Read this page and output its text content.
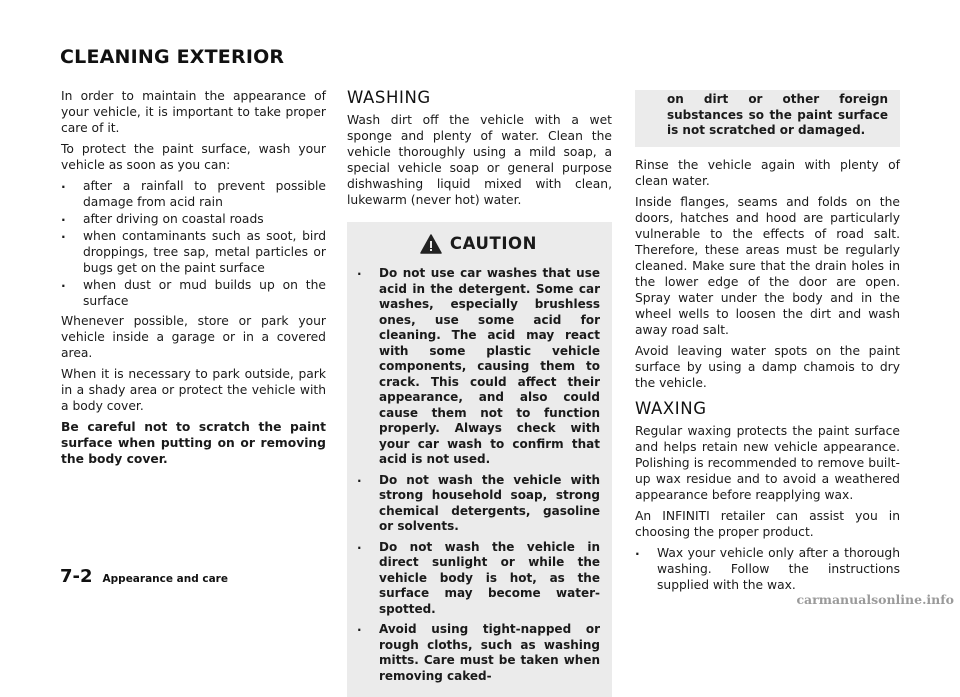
CLEANING EXTERIOR

In order to maintain the appearance of your vehicle, it is important to take proper care of it.

To protect the paint surface, wash your vehicle as soon as you can:

. after a rainfall to prevent possible damage from acid rain
. after driving on coastal roads
. when contaminants such as soot, bird droppings, tree sap, metal particles or bugs get on the paint surface
. when dust or mud builds up on the surface

Whenever possible, store or park your vehicle inside a garage or in a covered area.

When it is necessary to park outside, park in a shady area or protect the vehicle with a body cover.

Be careful not to scratch the paint surface when putting on or removing the body cover.

WASHING

Wash dirt off the vehicle with a wet sponge and plenty of water. Clean the vehicle thoroughly using a mild soap, a special vehicle soap or general purpose dishwashing liquid mixed with clean, lukewarm (never hot) water.

CAUTION
. Do not use car washes that use acid in the detergent. Some car washes, especially brushless ones, use some acid for cleaning. The acid may react with some plastic vehicle components, causing them to crack. This could affect their appearance, and also could cause them not to function properly. Always check with your car wash to confirm that acid is not used.
. Do not wash the vehicle with strong household soap, strong chemical detergents, gasoline or solvents.
. Do not wash the vehicle in direct sunlight or while the vehicle body is hot, as the surface may become water-spotted.
. Avoid using tight-napped or rough cloths, such as washing mitts. Care must be taken when removing caked-
on dirt or other foreign substances so the paint surface is not scratched or damaged.

Rinse the vehicle again with plenty of clean water.

Inside flanges, seams and folds on the doors, hatches and hood are particularly vulnerable to the effects of road salt. Therefore, these areas must be regularly cleaned. Make sure that the drain holes in the lower edge of the door are open. Spray water under the body and in the wheel wells to loosen the dirt and wash away road salt.

Avoid leaving water spots on the paint surface by using a damp chamois to dry the vehicle.

WAXING

Regular waxing protects the paint surface and helps retain new vehicle appearance. Polishing is recommended to remove built-up wax residue and to avoid a weathered appearance before reapplying wax.

An INFINITI retailer can assist you in choosing the proper product.

. Wax your vehicle only after a thorough washing. Follow the instructions supplied with the wax.
7-2 Appearance and care
carmanualsonline.info
